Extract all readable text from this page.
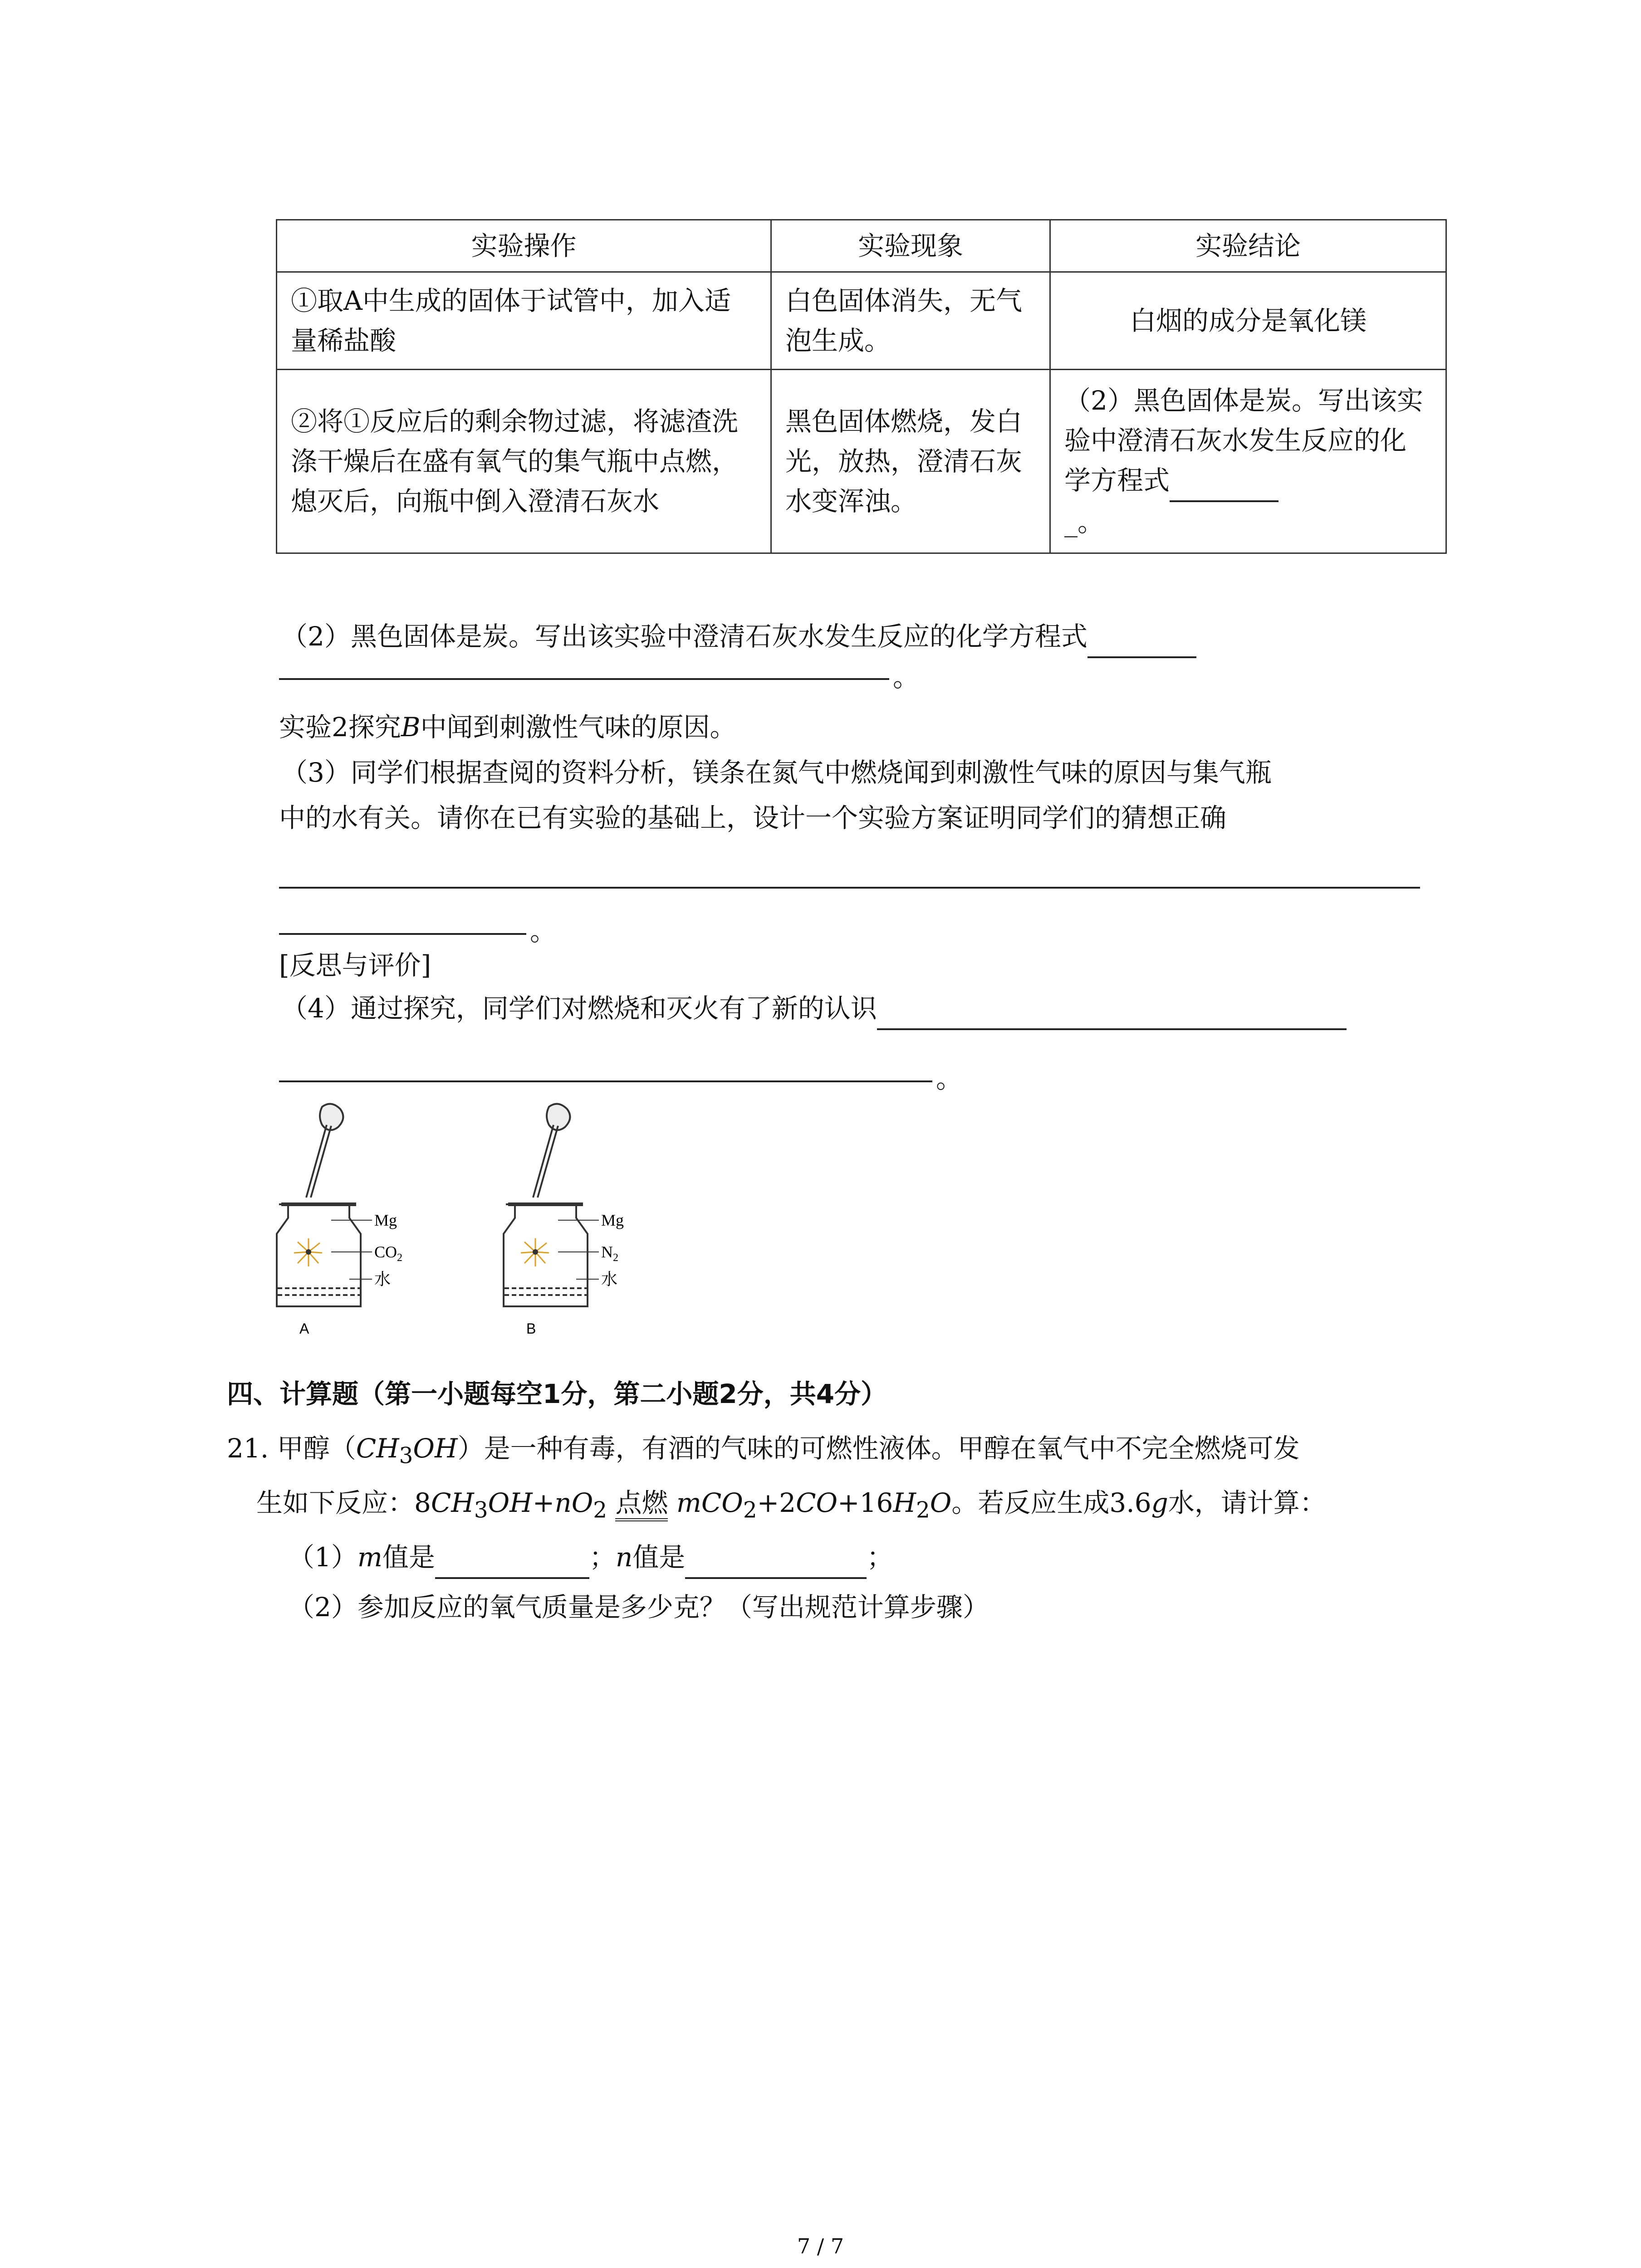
实验操作	实验现象	实验结论
①取A中生成的固体于试管中，加入适量稀盐酸	白色固体消失，无气泡生成。	白烟的成分是氧化镁
②将①反应后的剩余物过滤，将滤渣洗涤干燥后在盛有氧气的集气瓶中点燃，熄灭后，向瓶中倒入澄清石灰水	黑色固体燃烧，发白光，放热，澄清石灰水变浑浊。	（2）黑色固体是炭。写出该实验中澄清石灰水发生反应的化学方程式
_。
（2）黑色固体是炭。写出该实验中澄清石灰水发生反应的化学方程式
。
实验2探究B中闻到刺激性气味的原因。
（3）同学们根据查阅的资料分析，镁条在氮气中燃烧闻到刺激性气味的原因与集气瓶
中的水有关。请你在已有实验的基础上，设计一个实验方案证明同学们的猜想正确
。
[反思与评价]
（4）通过探究，同学们对燃烧和灭火有了新的认识
。
Mg
$CO_2$
水
A
Mg
$N_2$
水
B
四、计算题（第一小题每空1分，第二小题2分，共4分）
21. 甲醇$(CH_3OH)$是一种有毒，有酒的气味的可燃性液体。甲醇在氧气中不完全燃烧可发
生如下反应：$8CH_3OH+nO_2$ 点燃 $mCO_2+2CO+16H_2O$。若反应生成3.6g水，请计算：
（1）m值是	；n值是	；
（2）参加反应的氧气质量是多少克？（写出规范计算步骤）
7 / 7
